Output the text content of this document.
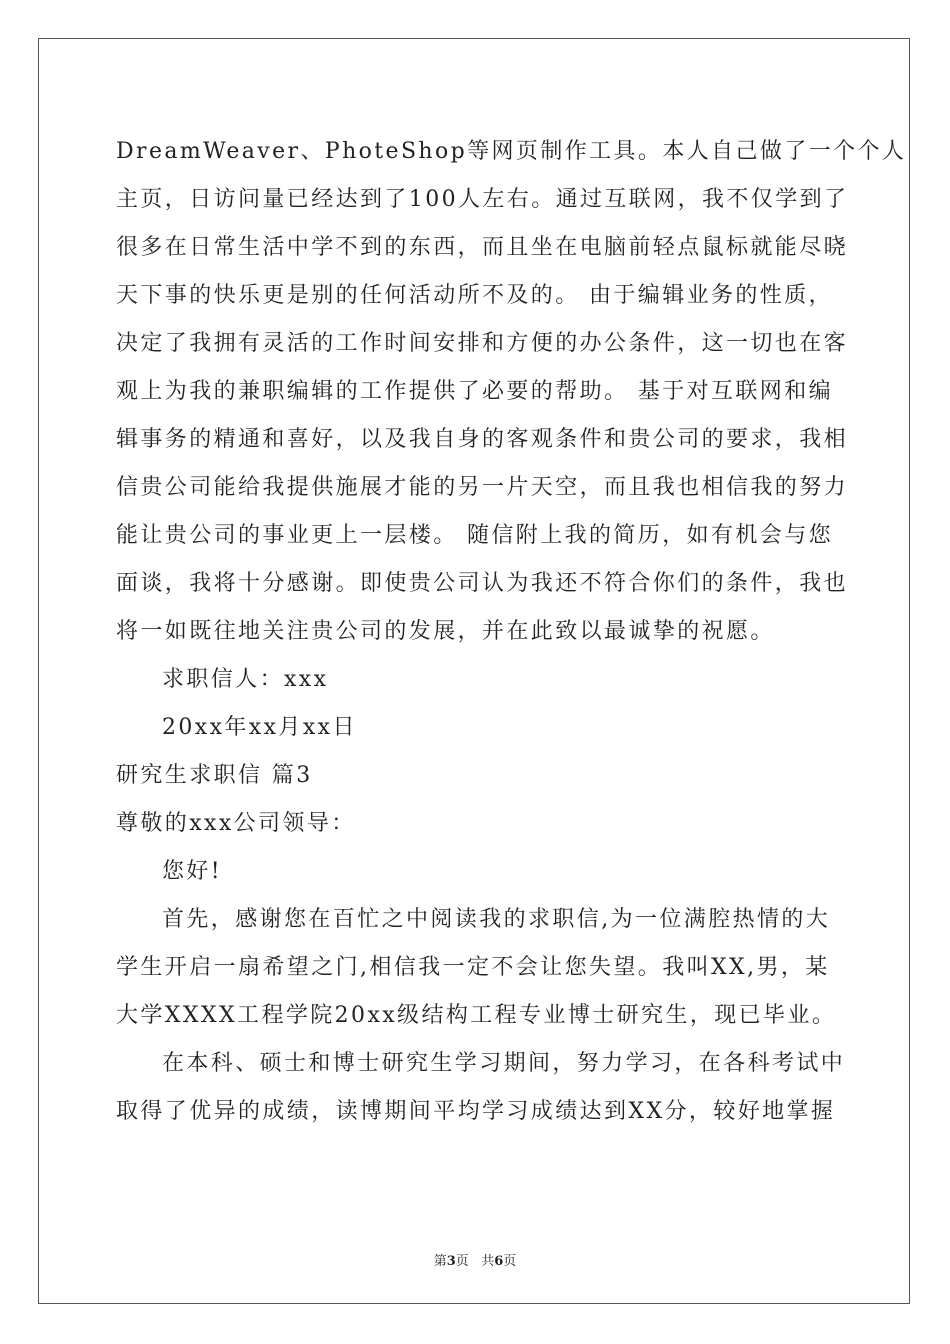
DreamWeaver、PhoteShop等网页制作工具。本人自己做了一个个人
主页，日访问量已经达到了100人左右。通过互联网，我不仅学到了
很多在日常生活中学不到的东西，而且坐在电脑前轻点鼠标就能尽晓
天下事的快乐更是别的任何活动所不及的。 由于编辑业务的性质，
决定了我拥有灵活的工作时间安排和方便的办公条件，这一切也在客
观上为我的兼职编辑的工作提供了必要的帮助。 基于对互联网和编
辑事务的精通和喜好，以及我自身的客观条件和贵公司的要求，我相
信贵公司能给我提供施展才能的另一片天空，而且我也相信我的努力
能让贵公司的事业更上一层楼。 随信附上我的简历，如有机会与您
面谈，我将十分感谢。即使贵公司认为我还不符合你们的条件，我也
将一如既往地关注贵公司的发展，并在此致以最诚挚的祝愿。
求职信人：xxx
20xx年xx月xx日
研究生求职信 篇3
尊敬的xxx公司领导：
您好!
首先，感谢您在百忙之中阅读我的求职信,为一位满腔热情的大
学生开启一扇希望之门,相信我一定不会让您失望。我叫XX,男，某
大学XXXX工程学院20xx级结构工程专业博士研究生，现已毕业。
在本科、硕士和博士研究生学习期间，努力学习，在各科考试中
取得了优异的成绩，读博期间平均学习成绩达到XX分，较好地掌握
第3页   共6页
